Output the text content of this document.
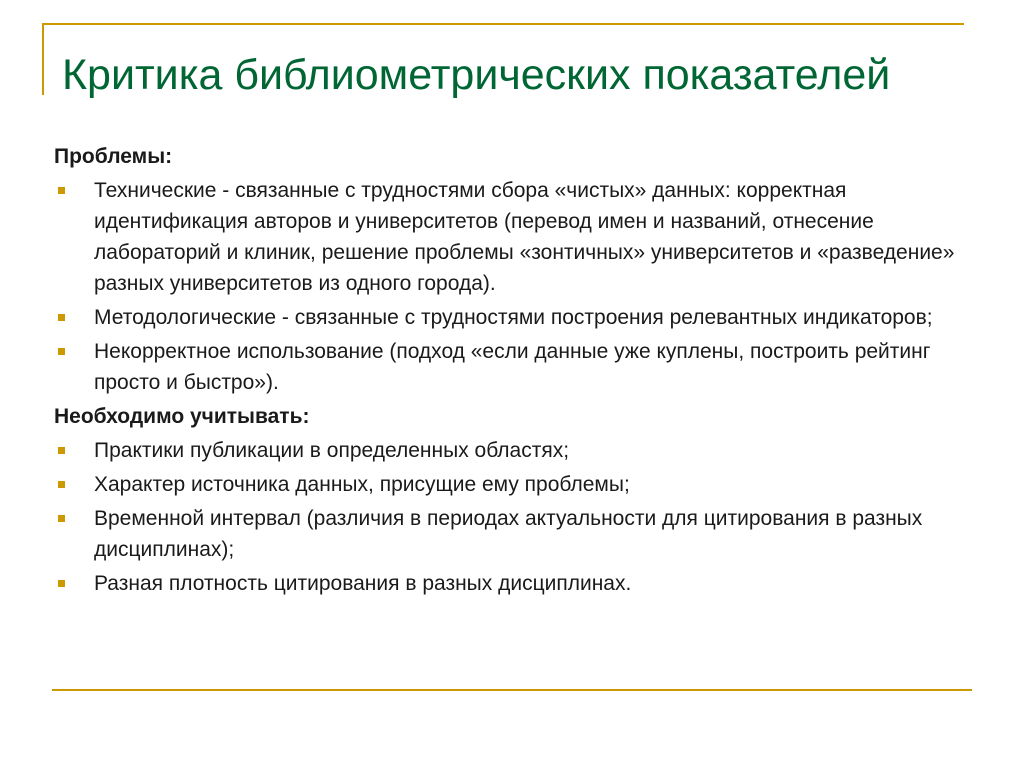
Критика библиометрических показателей
Проблемы:
Технические - связанные с трудностями сбора «чистых» данных: корректная идентификация авторов и университетов (перевод имен и названий, отнесение лабораторий и клиник, решение проблемы «зонтичных» университетов и «разведение» разных университетов из одного города).
Методологические - связанные с трудностями построения релевантных индикаторов;
Некорректное использование (подход «если данные уже куплены, построить рейтинг просто и быстро»).
Необходимо учитывать:
Практики публикации в определенных областях;
Характер источника данных, присущие ему проблемы;
Временной интервал (различия в периодах актуальности для цитирования в разных дисциплинах);
Разная плотность цитирования в разных дисциплинах.
